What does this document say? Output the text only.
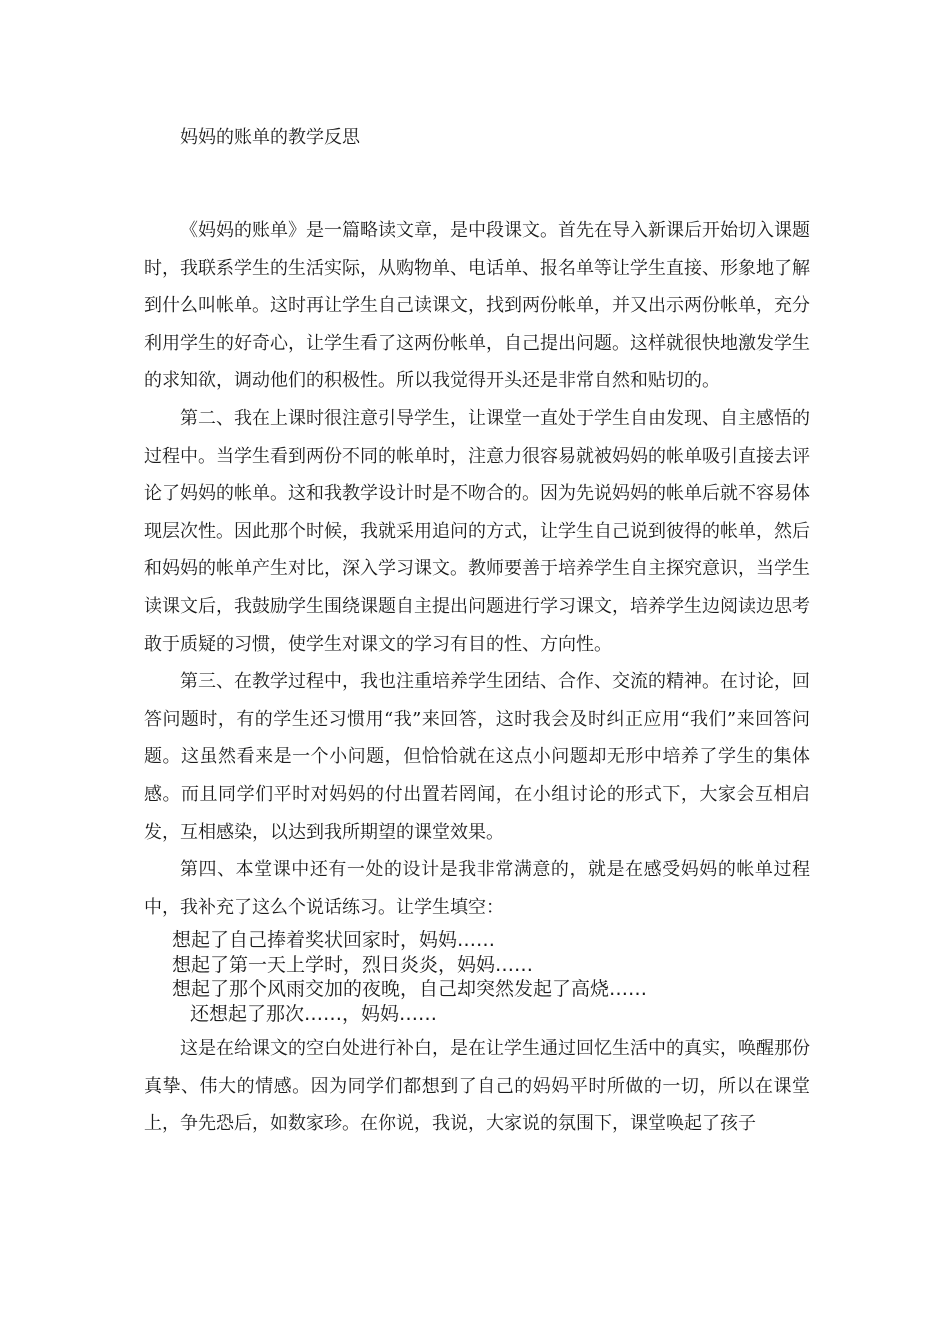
妈妈的账单的教学反思

《妈妈的账单》是一篇略读文章，是中段课文。首先在导入新课后开始切入课题时，我联系学生的生活实际，从购物单、电话单、报名单等让学生直接、形象地了解到什么叫帐单。这时再让学生自己读课文，找到两份帐单，并又出示两份帐单，充分利用学生的好奇心，让学生看了这两份帐单，自己提出问题。这样就很快地激发学生的求知欲，调动他们的积极性。所以我觉得开头还是非常自然和贴切的。

第二、我在上课时很注意引导学生，让课堂一直处于学生自由发现、自主感悟的过程中。当学生看到两份不同的帐单时，注意力很容易就被妈妈的帐单吸引直接去评论了妈妈的帐单。这和我教学设计时是不吻合的。因为先说妈妈的帐单后就不容易体现层次性。因此那个时候，我就采用追问的方式，让学生自己说到彼得的帐单，然后和妈妈的帐单产生对比，深入学习课文。教师要善于培养学生自主探究意识，当学生读课文后，我鼓励学生围绕课题自主提出问题进行学习课文，培养学生边阅读边思考敢于质疑的习惯，使学生对课文的学习有目的性、方向性。

第三、在教学过程中，我也注重培养学生团结、合作、交流的精神。在讨论，回答问题时，有的学生还习惯用“我”来回答，这时我会及时纠正应用“我们”来回答问题。这虽然看来是一个小问题，但恰恰就在这点小问题却无形中培养了学生的集体感。而且同学们平时对妈妈的付出置若罔闻，在小组讨论的形式下，大家会互相启发，互相感染，以达到我所期望的课堂效果。

第四、本堂课中还有一处的设计是我非常满意的，就是在感受妈妈的帐单过程中，我补充了这么个说话练习。让学生填空：

想起了自己捧着奖状回家时，妈妈……
想起了第一天上学时，烈日炎炎，妈妈……
想起了那个风雨交加的夜晚，自己却突然发起了高烧……
还想起了那次……，妈妈……

这是在给课文的空白处进行补白，是在让学生通过回忆生活中的真实，唤醒那份真挚、伟大的情感。因为同学们都想到了自己的妈妈平时所做的一切，所以在课堂上，争先恐后，如数家珍。在你说，我说，大家说的氛围下，课堂唤起了孩子
